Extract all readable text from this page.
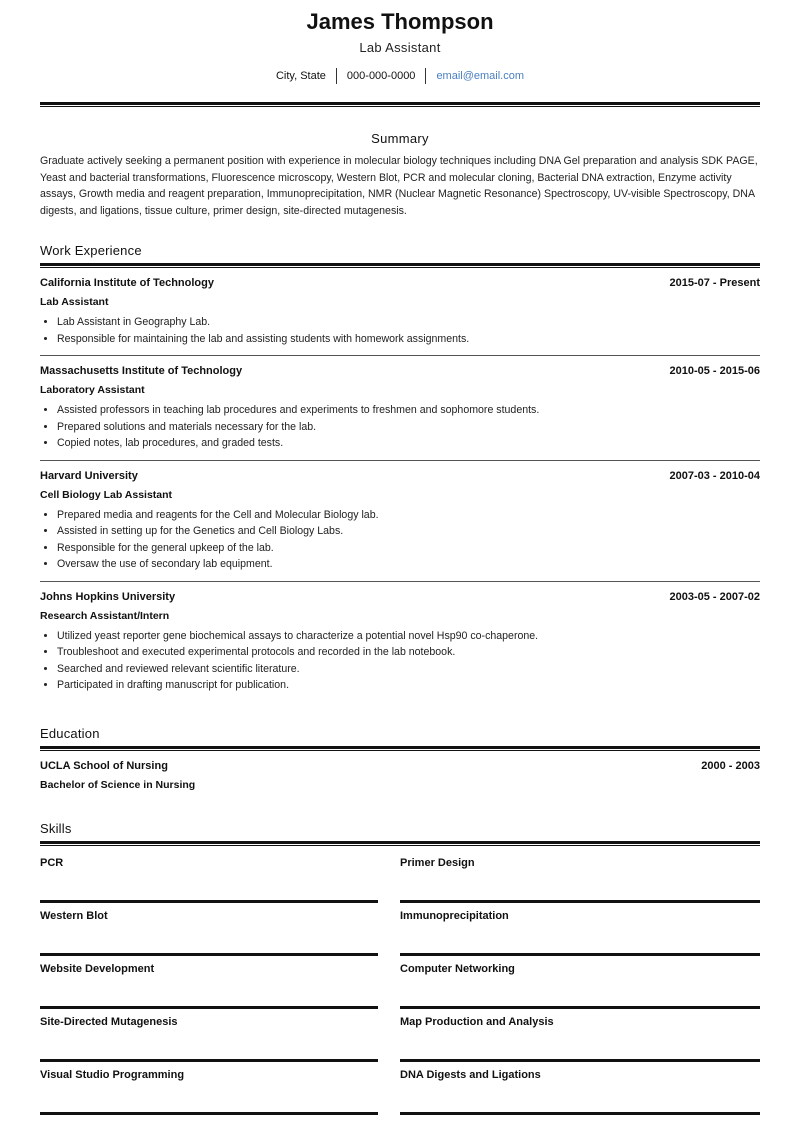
James Thompson
Lab Assistant
City, State	000-000-0000	email@email.com
Summary
Graduate actively seeking a permanent position with experience in molecular biology techniques including DNA Gel preparation and analysis SDK PAGE, Yeast and bacterial transformations, Fluorescence microscopy, Western Blot, PCR and molecular cloning, Bacterial DNA extraction, Enzyme activity assays, Growth media and reagent preparation, Immunoprecipitation, NMR (Nuclear Magnetic Resonance) Spectroscopy, UV-visible Spectroscopy, DNA digests, and ligations, tissue culture, primer design, site-directed mutagenesis.
Work Experience
California Institute of Technology	2015-07 - Present
Lab Assistant
• Lab Assistant in Geography Lab.
• Responsible for maintaining the lab and assisting students with homework assignments.
Massachusetts Institute of Technology	2010-05 - 2015-06
Laboratory Assistant
• Assisted professors in teaching lab procedures and experiments to freshmen and sophomore students.
• Prepared solutions and materials necessary for the lab.
• Copied notes, lab procedures, and graded tests.
Harvard University	2007-03 - 2010-04
Cell Biology Lab Assistant
• Prepared media and reagents for the Cell and Molecular Biology lab.
• Assisted in setting up for the Genetics and Cell Biology Labs.
• Responsible for the general upkeep of the lab.
• Oversaw the use of secondary lab equipment.
Johns Hopkins University	2003-05 - 2007-02
Research Assistant/Intern
• Utilized yeast reporter gene biochemical assays to characterize a potential novel Hsp90 co-chaperone.
• Troubleshoot and executed experimental protocols and recorded in the lab notebook.
• Searched and reviewed relevant scientific literature.
• Participated in drafting manuscript for publication.
Education
UCLA School of Nursing	2000 - 2003
Bachelor of Science in Nursing
Skills
PCR	Primer Design
Western Blot	Immunoprecipitation
Website Development	Computer Networking
Site-Directed Mutagenesis	Map Production and Analysis
Visual Studio Programming	DNA Digests and Ligations
